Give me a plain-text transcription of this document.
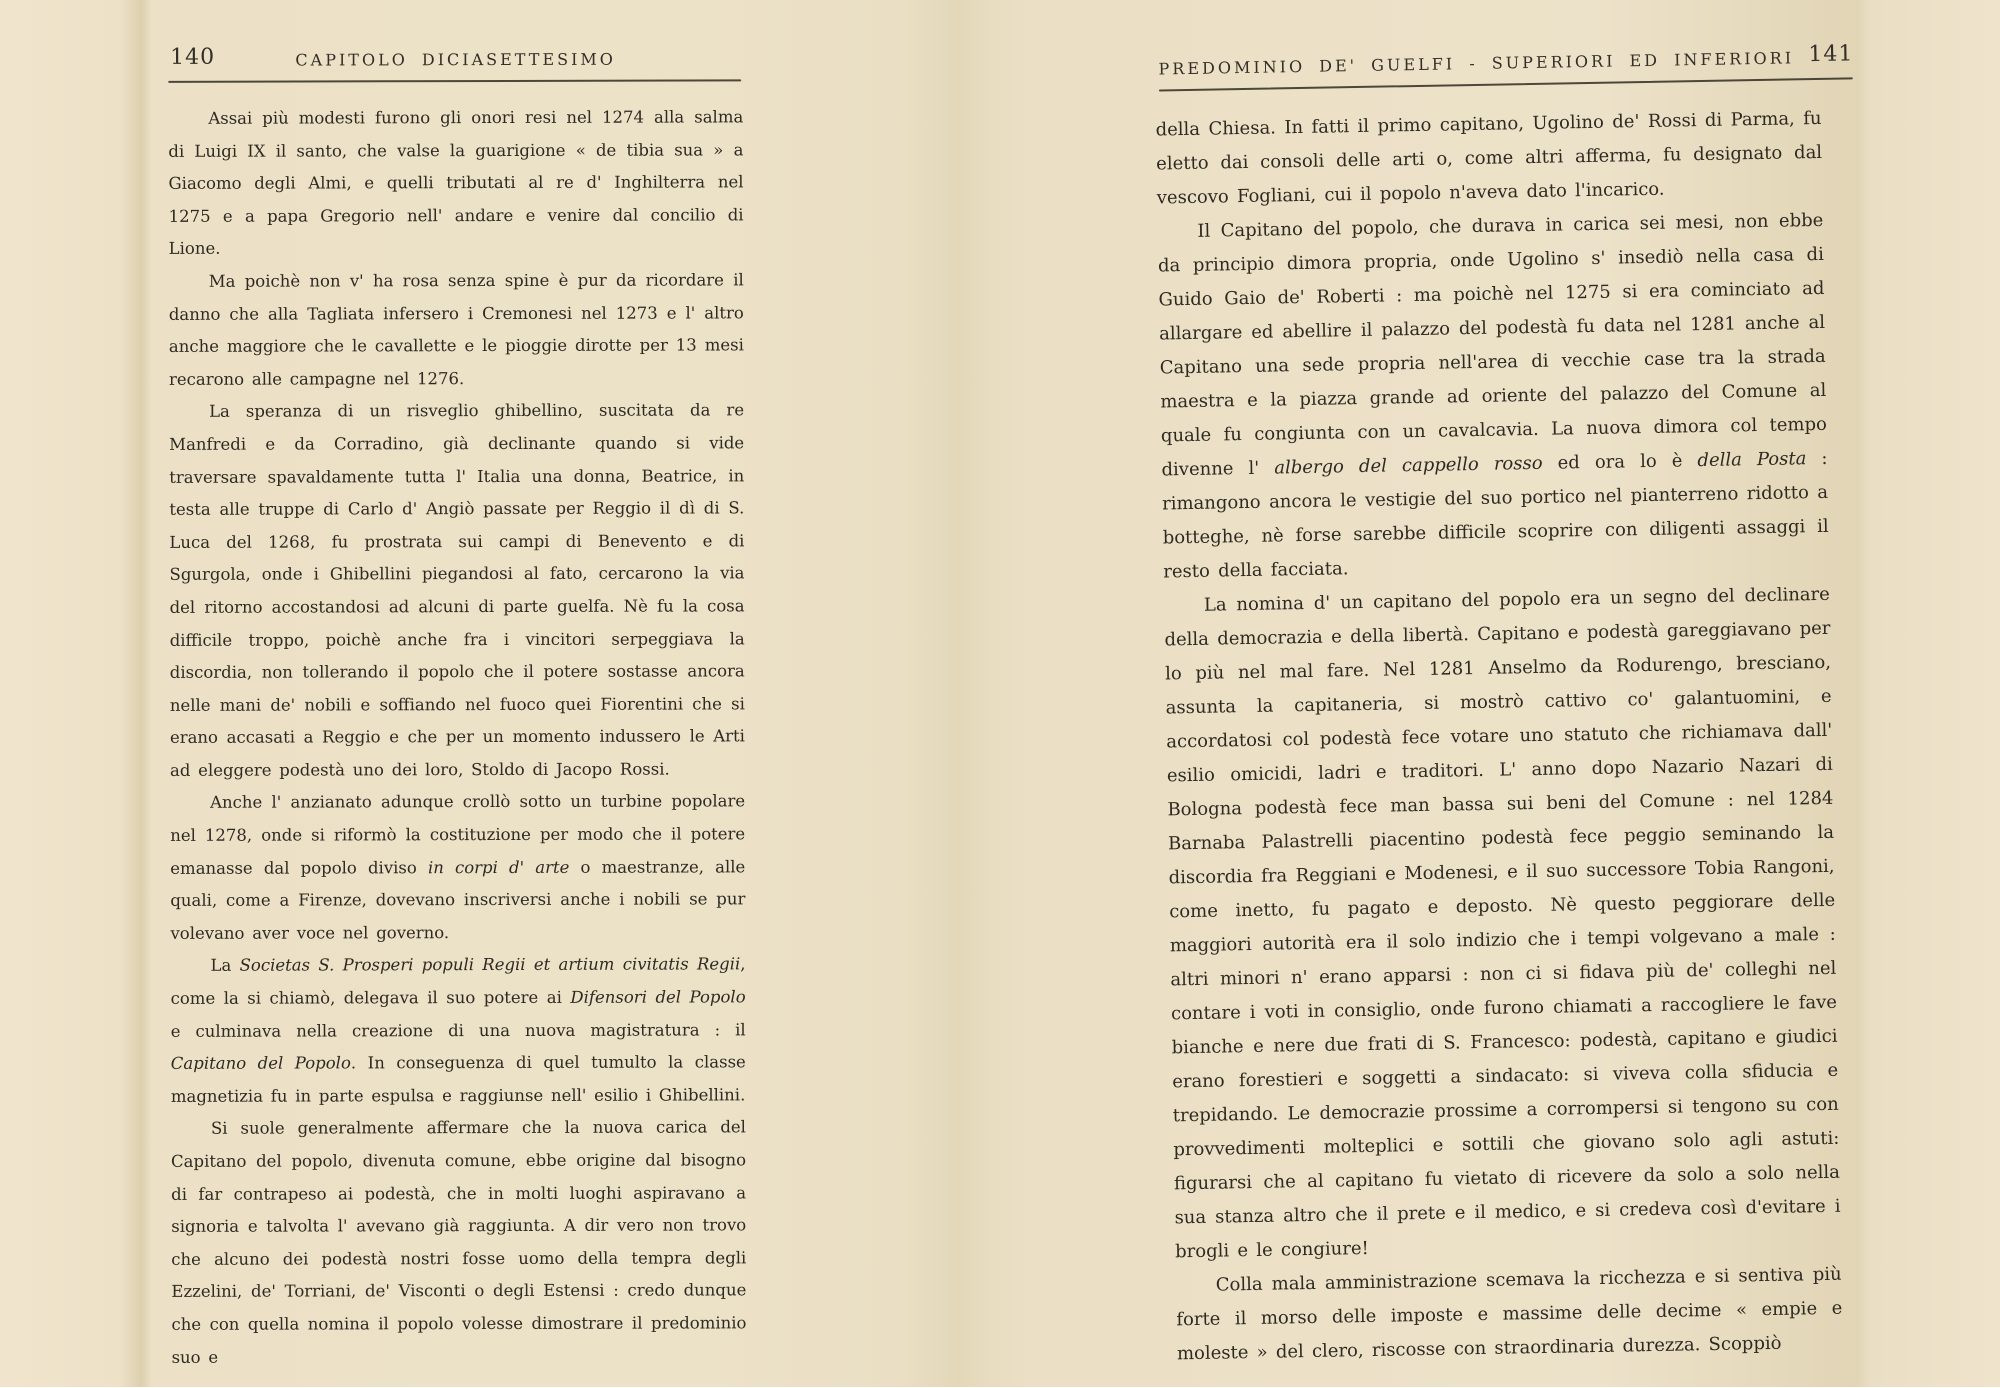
140	CAPITOLO DICIASETTESIMO

Assai più modesti furono gli onori resi nel 1274 alla salma di Luigi IX il santo, che valse la guarigione « de tibia sua » a Giacomo degli Almi, e quelli tributati al re d' Inghilterra nel 1275 e a papa Gregorio nell' andare e venire dal concilio di Lione.

Ma poichè non v' ha rosa senza spine è pur da ricordare il danno che alla Tagliata infersero i Cremonesi nel 1273 e l' altro anche maggiore che le cavallette e le pioggie dirotte per 13 mesi recarono alle campagne nel 1276.

La speranza di un risveglio ghibellino, suscitata da re Manfredi e da Corradino, già declinante quando si vide traversare spavaldamente tutta l' Italia una donna, Beatrice, in testa alle truppe di Carlo d' Angiò passate per Reggio il dì di S. Luca del 1268, fu prostrata sui campi di Benevento e di Sgurgola, onde i Ghibellini piegandosi al fato, cercarono la via del ritorno accostandosi ad alcuni di parte guelfa. Nè fu la cosa difficile troppo, poichè anche fra i vincitori serpeggiava la discordia, non tollerando il popolo che il potere sostasse ancora nelle mani de' nobili e soffiando nel fuoco quei Fiorentini che si erano accasati a Reggio e che per un momento indussero le Arti ad eleggere podestà uno dei loro, Stoldo di Jacopo Rossi.

Anche l' anzianato adunque crollò sotto un turbine popolare nel 1278, onde si riformò la costituzione per modo che il potere emanasse dal popolo diviso in corpi d' arte o maestranze, alle quali, come a Firenze, dovevano inscriversi anche i nobili se pur volevano aver voce nel governo.

La Societas S. Prosperi populi Regii et artium civitatis Regii, come la si chiamò, delegava il suo potere ai Difensori del Popolo e culminava nella creazione di una nuova magistratura : il Capitano del Popolo. In conseguenza di quel tumulto la classe magnetizia fu in parte espulsa e raggiunse nell' esilio i Ghibellini.

Si suole generalmente affermare che la nuova carica del Capitano del popolo, divenuta comune, ebbe origine dal bisogno di far contrapeso ai podestà, che in molti luoghi aspiravano a signoria e talvolta l' avevano già raggiunta. A dir vero non trovo che alcuno dei podestà nostri fosse uomo della tempra degli Ezzelini, de' Torriani, de' Visconti o degli Estensi : credo dunque che con quella nomina il popolo volesse dimostrare il predominio suo e

PREDOMINIO DE' GUELFI - SUPERIORI ED INFERIORI 141

della Chiesa. In fatti il primo capitano, Ugolino de' Rossi di Parma, fu eletto dai consoli delle arti o, come altri afferma, fu designato dal vescovo Fogliani, cui il popolo n'aveva dato l'incarico.

Il Capitano del popolo, che durava in carica sei mesi, non ebbe da principio dimora propria, onde Ugolino s' insediò nella casa di Guido Gaio de' Roberti : ma poichè nel 1275 si era cominciato ad allargare ed abellire il palazzo del podestà fu data nel 1281 anche al Capitano una sede propria nell'area di vecchie case tra la strada maestra e la piazza grande ad oriente del palazzo del Comune al quale fu congiunta con un cavalcavia. La nuova dimora col tempo divenne l' albergo del cappello rosso ed ora lo è della Posta : rimangono ancora le vestigie del suo portico nel pianterreno ridotto a botteghe, nè forse sarebbe difficile scoprire con diligenti assaggi il resto della facciata.

La nomina d' un capitano del popolo era un segno del declinare della democrazia e della libertà. Capitano e podestà gareggiavano per lo più nel mal fare. Nel 1281 Anselmo da Rodurengo, bresciano, assunta la capitaneria, si mostrò cattivo co' galantuomini, e accordatosi col podestà fece votare uno statuto che richiamava dall' esilio omicidi, ladri e traditori. L' anno dopo Nazario Nazari di Bologna podestà fece man bassa sui beni del Comune : nel 1284 Barnaba Palastrelli piacentino podestà fece peggio seminando la discordia fra Reggiani e Modenesi, e il suo successore Tobia Rangoni, come inetto, fu pagato e deposto. Nè questo peggiorare delle maggiori autorità era il solo indizio che i tempi volgevano a male : altri minori n' erano apparsi : non ci si fidava più de' colleghi nel contare i voti in consiglio, onde furono chiamati a raccogliere le fave bianche e nere due frati di S. Francesco: podestà, capitano e giudici erano forestieri e soggetti a sindacato: si viveva colla sfiducia e trepidando. Le democrazie prossime a corrompersi si tengono su con provvedimenti molteplici e sottili che giovano solo agli astuti: figurarsi che al capitano fu vietato di ricevere da solo a solo nella sua stanza altro che il prete e il medico, e si credeva così d'evitare i brogli e le congiure!

Colla mala amministrazione scemava la ricchezza e si sentiva più forte il morso delle imposte e massime delle decime « empie e moleste » del clero, riscosse con straordinaria durezza. Scoppiò
